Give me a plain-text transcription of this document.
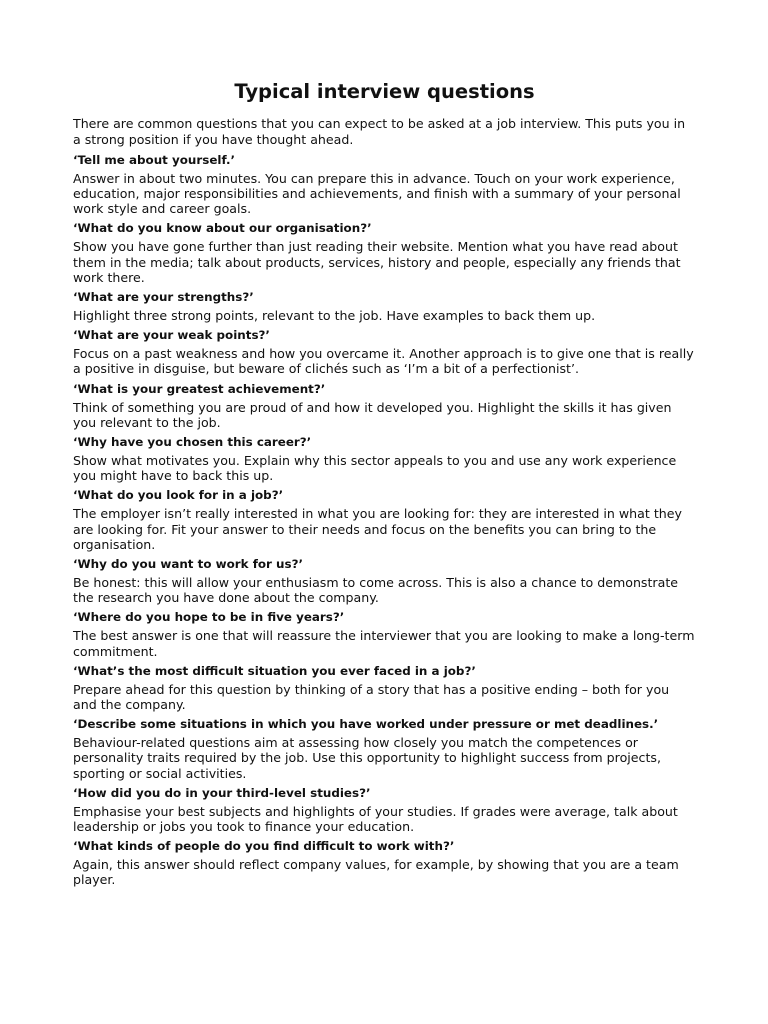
Typical interview questions

There are common questions that you can expect to be asked at a job interview. This puts you in a strong position if you have thought ahead.

‘Tell me about yourself.’

Answer in about two minutes. You can prepare this in advance. Touch on your work experience, education, major responsibilities and achievements, and finish with a summary of your personal work style and career goals.

‘What do you know about our organisation?’

Show you have gone further than just reading their website. Mention what you have read about them in the media; talk about products, services, history and people, especially any friends that work there.

‘What are your strengths?’

Highlight three strong points, relevant to the job. Have examples to back them up.

‘What are your weak points?’

Focus on a past weakness and how you overcame it. Another approach is to give one that is really a positive in disguise, but beware of clichés such as ‘I’m a bit of a perfectionist’.

‘What is your greatest achievement?’

Think of something you are proud of and how it developed you. Highlight the skills it has given you relevant to the job.

‘Why have you chosen this career?’

Show what motivates you. Explain why this sector appeals to you and use any work experience you might have to back this up.

‘What do you look for in a job?’

The employer isn’t really interested in what you are looking for: they are interested in what they are looking for. Fit your answer to their needs and focus on the benefits you can bring to the organisation.

‘Why do you want to work for us?’

Be honest: this will allow your enthusiasm to come across. This is also a chance to demonstrate the research you have done about the company.

‘Where do you hope to be in five years?’

The best answer is one that will reassure the interviewer that you are looking to make a long-term commitment.

‘What’s the most difficult situation you ever faced in a job?’

Prepare ahead for this question by thinking of a story that has a positive ending – both for you and the company.

‘Describe some situations in which you have worked under pressure or met deadlines.’

Behaviour-related questions aim at assessing how closely you match the competences or personality traits required by the job. Use this opportunity to highlight success from projects, sporting or social activities.

‘How did you do in your third-level studies?’

Emphasise your best subjects and highlights of your studies. If grades were average, talk about leadership or jobs you took to finance your education.

‘What kinds of people do you find difficult to work with?’

Again, this answer should reflect company values, for example, by showing that you are a team player.
